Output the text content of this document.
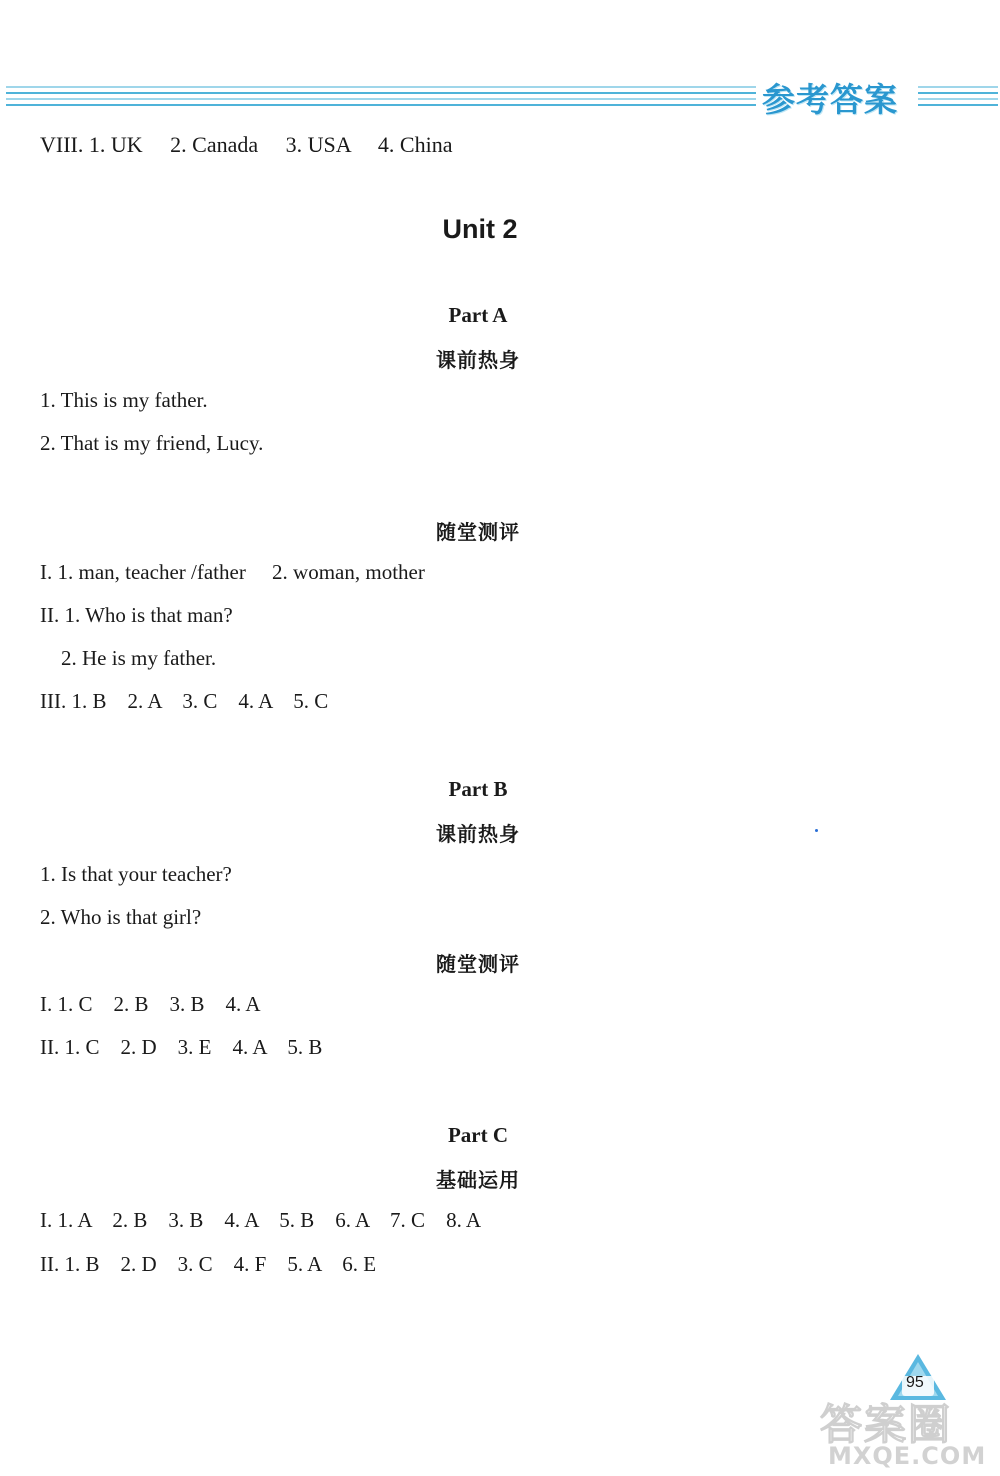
参考答案
VIII. 1. UK     2. Canada     3. USA     4. China
Unit 2
Part A
课前热身
1. This is my father.
2. That is my friend, Lucy.
随堂测评
I. 1. man, teacher /father     2. woman, mother
II. 1. Who is that man?
2. He is my father.
III. 1. B    2. A    3. C    4. A    5. C
Part B
课前热身
1. Is that your teacher?
2. Who is that girl?
随堂测评
I. 1. C    2. B    3. B    4. A
II. 1. C    2. D    3. E    4. A    5. B
Part C
基础运用
I. 1. A    2. B    3. B    4. A    5. B    6. A    7. C    8. A
II. 1. B    2. D    3. C    4. F    5. A    6. E
95
答案圈
MXQE.COM
